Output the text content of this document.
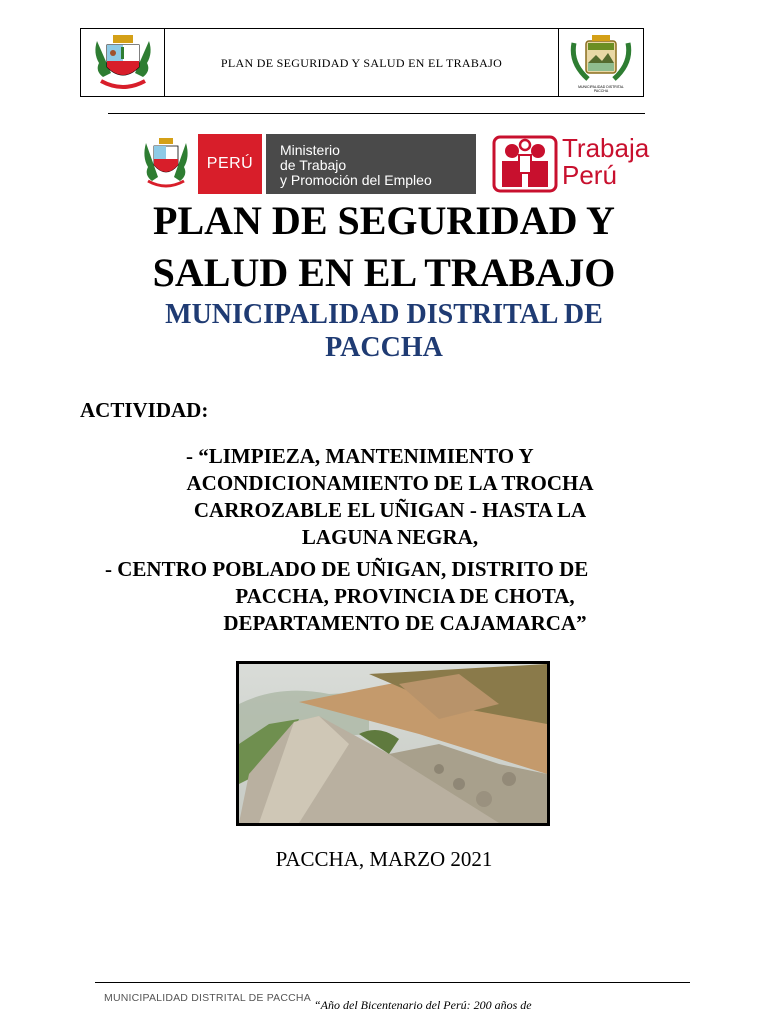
PLAN DE SEGURIDAD Y SALUD EN EL TRABAJO
MUNICIPALIDAD DISTRITAL PACCHA
PERÚ
Ministerio
de Trabajo
y Promoción del Empleo
Trabaja
Perú
PLAN DE SEGURIDAD Y
SALUD EN EL TRABAJO
MUNICIPALIDAD DISTRITAL DE
PACCHA
ACTIVIDAD:
- “LIMPIEZA, MANTENIMIENTO Y
ACONDICIONAMIENTO DE LA TROCHA
CARROZABLE EL UÑIGAN - HASTA LA
LAGUNA NEGRA,
- CENTRO POBLADO DE UÑIGAN, DISTRITO DE
PACCHA, PROVINCIA DE CHOTA,
DEPARTAMENTO DE CAJAMARCA”
PACCHA, MARZO 2021
MUNICIPALIDAD DISTRITAL DE PACCHA “Año del Bicentenario del Perú: 200 años de
